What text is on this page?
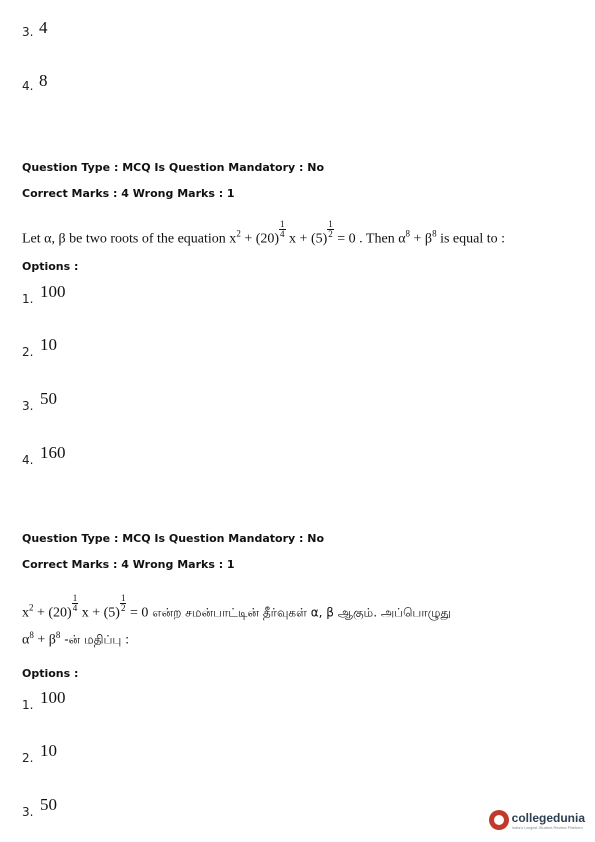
3. 4
4. 8
Question Type : MCQ Is Question Mandatory : No
Correct Marks : 4 Wrong Marks : 1
Let α, β be two roots of the equation $x^2 + (20) \frac{1}{4}$ $x + (5) \frac{1}{2} = 0$ . Then $\alpha^8 + \beta^8$ is equal to :
Options :
1. 100
2. 10
3. 50
4. 160
Question Type : MCQ Is Question Mandatory : No
Correct Marks : 4 Wrong Marks : 1
$x^2 + (20) \frac{1}{4}$ $x + (5) \frac{1}{2} = 0$ என்ற சமன்பாட்டின் தீர்வுகள் α, β ஆகும். அப்பொழுது
$\alpha^8 + \beta^8$ -ன் மதிப்பு :
Options :
1. 100
2. 10
3. 50
collegedunia
India's Largest Student Review Platform
